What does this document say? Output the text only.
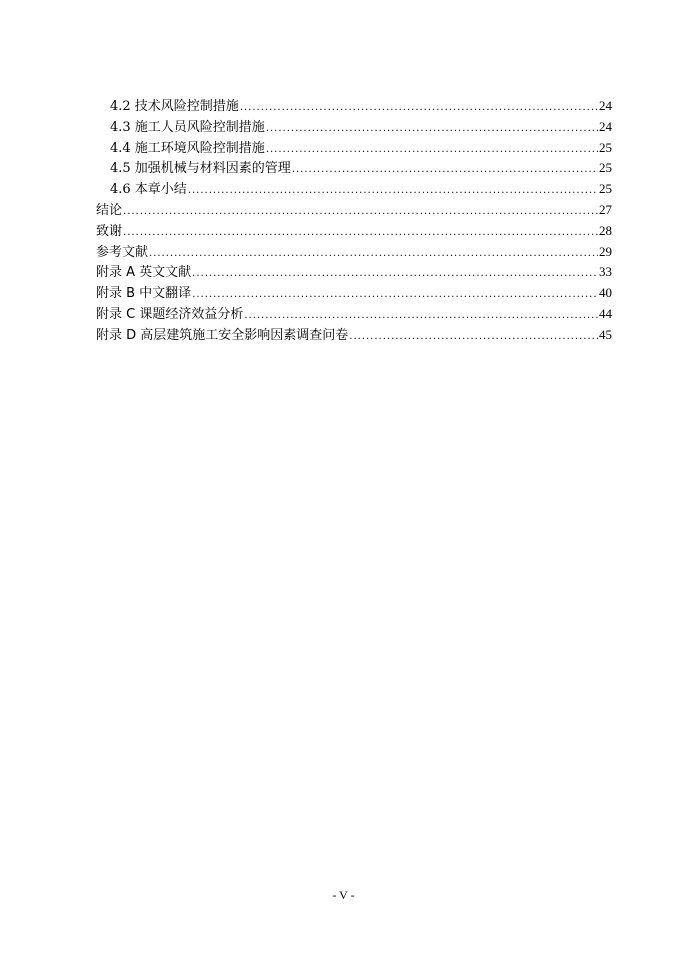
4.2 技术风险控制措施 .....	24
4.3 施工人员风险控制措施 .....	24
4.4 施工环境风险控制措施 .....	25
4.5 加强机械与材料因素的管理 .....	25
4.6 本章小结 .....	25
结论 .....	27
致谢 .....	28
参考文献 .....	29
附录 A 英文文献 .....	33
附录 B 中文翻译 .....	40
附录 C 课题经济效益分析 .....	44
附录 D 高层建筑施工安全影响因素调查问卷 .....	45
- V -
